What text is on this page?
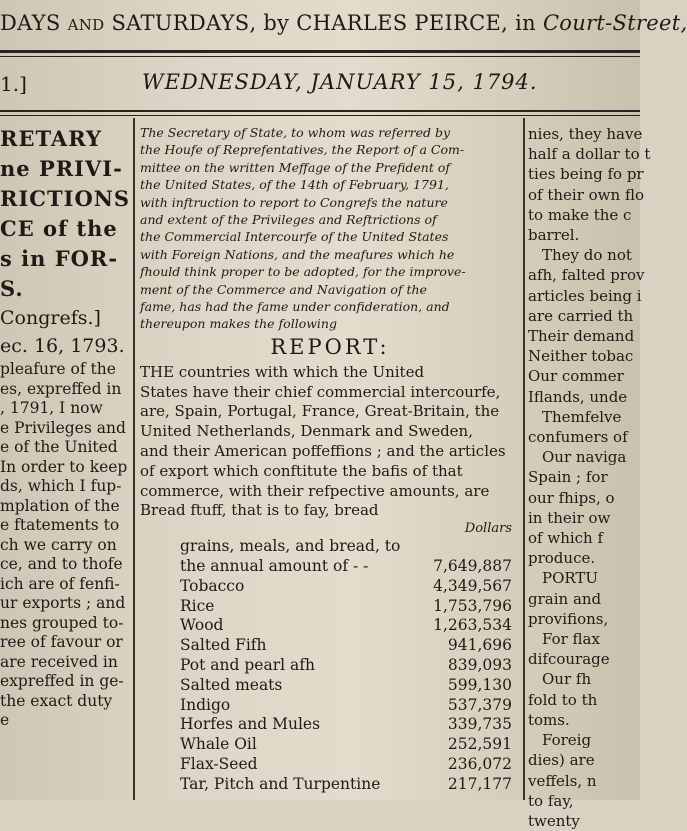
DAYS and SATURDAYS, by CHARLES PEIRCE, in Court-Street,
1.]	WEDNESDAY, JANUARY 15, 1794.
RETARY
ne PRIVI-
RICTIONS
CE of the
s in FOR-
S.
Congrefs.]
ec. 16, 1793.
pleafure of the
es, expreffed in
, 1791, I now
e Privileges and
e of the United
In order to keep
ds, which I fup-
mplation of the
e ftatements to
ch we carry on
ce, and to thofe
ich are of fenfi-
ur exports ; and
nes grouped to-
ree of favour or
are received in
expreffed in ge-
the exact duty
e
The Secretary of State, to whom was referred by
the Houfe of Reprefentatives, the Report of a Com-
mittee on the written Meffage of the Prefident of
the United States, of the 14th of February, 1791,
with inftruction to report to Congrefs the nature
and extent of the Privileges and Reftrictions of
the Commercial Intercourfe of the United States
with Foreign Nations, and the meafures which he
fhould think proper to be adopted, for the improve-
ment of the Commerce and Navigation of the
fame, has had the fame under confideration, and
thereupon makes the following
REPORT:
THE countries with which the United
States have their chief commercial intercourfe,
are, Spain, Portugal, France, Great-Britain, the
United Netherlands, Denmark and Sweden,
and their American poffeffions ; and the articles
of export which conftitute the bafis of that
commerce, with their refpective amounts, are
Bread ftuff, that is to fay, bread
	Dollars
grains, meals, and bread, to	
the annual amount of - -	7,649,887
Tobacco	4,349,567
Rice	1,753,796
Wood	1,263,534
Salted Fifh	941,696
Pot and pearl afh	839,093
Salted meats	599,130
Indigo	537,379
Horfes and Mules	339,735
Whale Oil	252,591
Flax-Seed	236,072
Tar, Pitch and Turpentine	217,177
nies, they have
half a dollar to t
ties being fo pr
of their own flo
to make the c
barrel.
They do not
afh, falted prov
articles being i
are carried th
Their demand
Neither tobac
Our commer
Iflands, unde
Themfelve
confumers of
Our naviga
Spain ; for
our fhips, o
in their ow
of which f
produce.
PORTU
grain and
provifions,
For flax
difcourage
Our fh
fold to th
toms.
Foreig
dies) are
veffels, n
to fay,
twenty
